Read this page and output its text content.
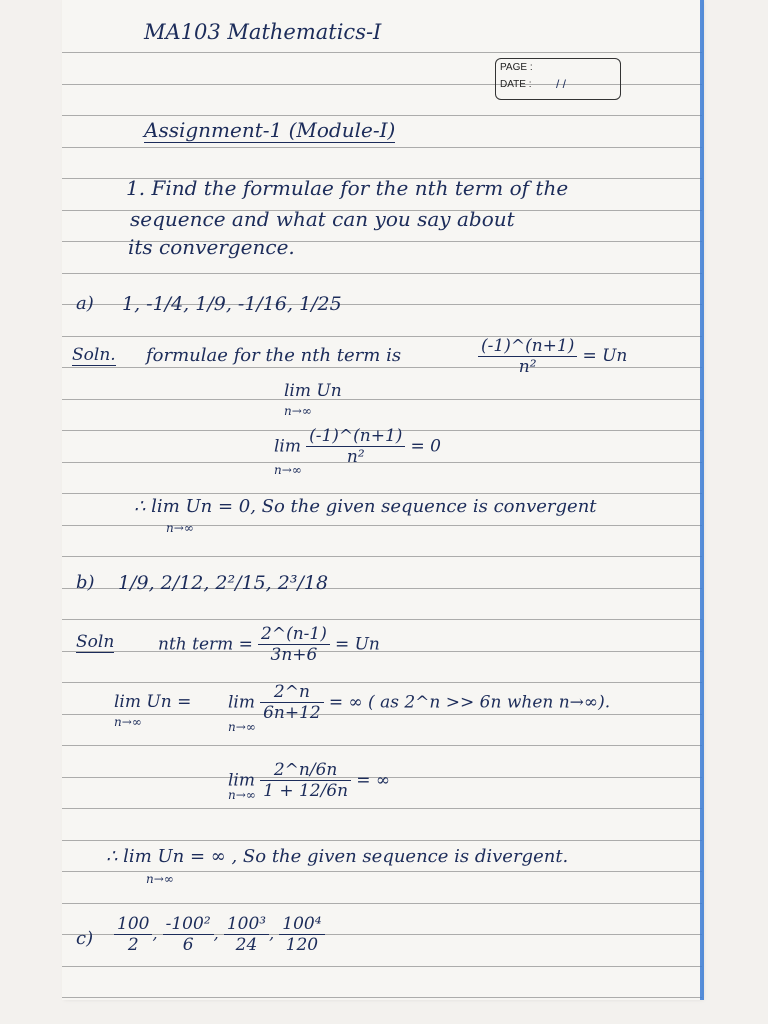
MA103 Mathematics-I
PAGE :
DATE : / /
Assignment-1 (Module-I)
1. Find the formulae for the nth term of the
sequence and what can you say about
its convergence.
a) 1, -1/4, 1/9, -1/16, 1/25
Soln. formulae for the nth term is	$\frac{(-1)\^{}(n+1)}{\text{n²}} = Un$
lim Un
n→∞
$\lim \frac{(-1)\^{}(n+1)}{\text{n²}} = 0$
n→∞
∴ lim Un = 0, So the given sequence is convergent
n→∞
b) 1/9, 2/12, 2²/15, 2³/18
Soln	nth term = $\frac{2\^{}(n-1)}{3n+6} = Un$
lim Un =
n→∞
$\lim \frac{2\^{}n}{6n+12}$ = ∞ ( as 2^n >> 6n when n→∞).
n→∞
$\lim \frac{2\^{}n/6n}{1 + 12/6n}$ = ∞
n→∞
∴ lim Un = ∞ , So the given sequence is divergent.
n→∞
$c) \frac{100}{2}$ , $\frac{\text{-100²}}{6}$ , $\frac{\text{100³}}{24}$ , $\frac{\text{100⁴}}{120}$
